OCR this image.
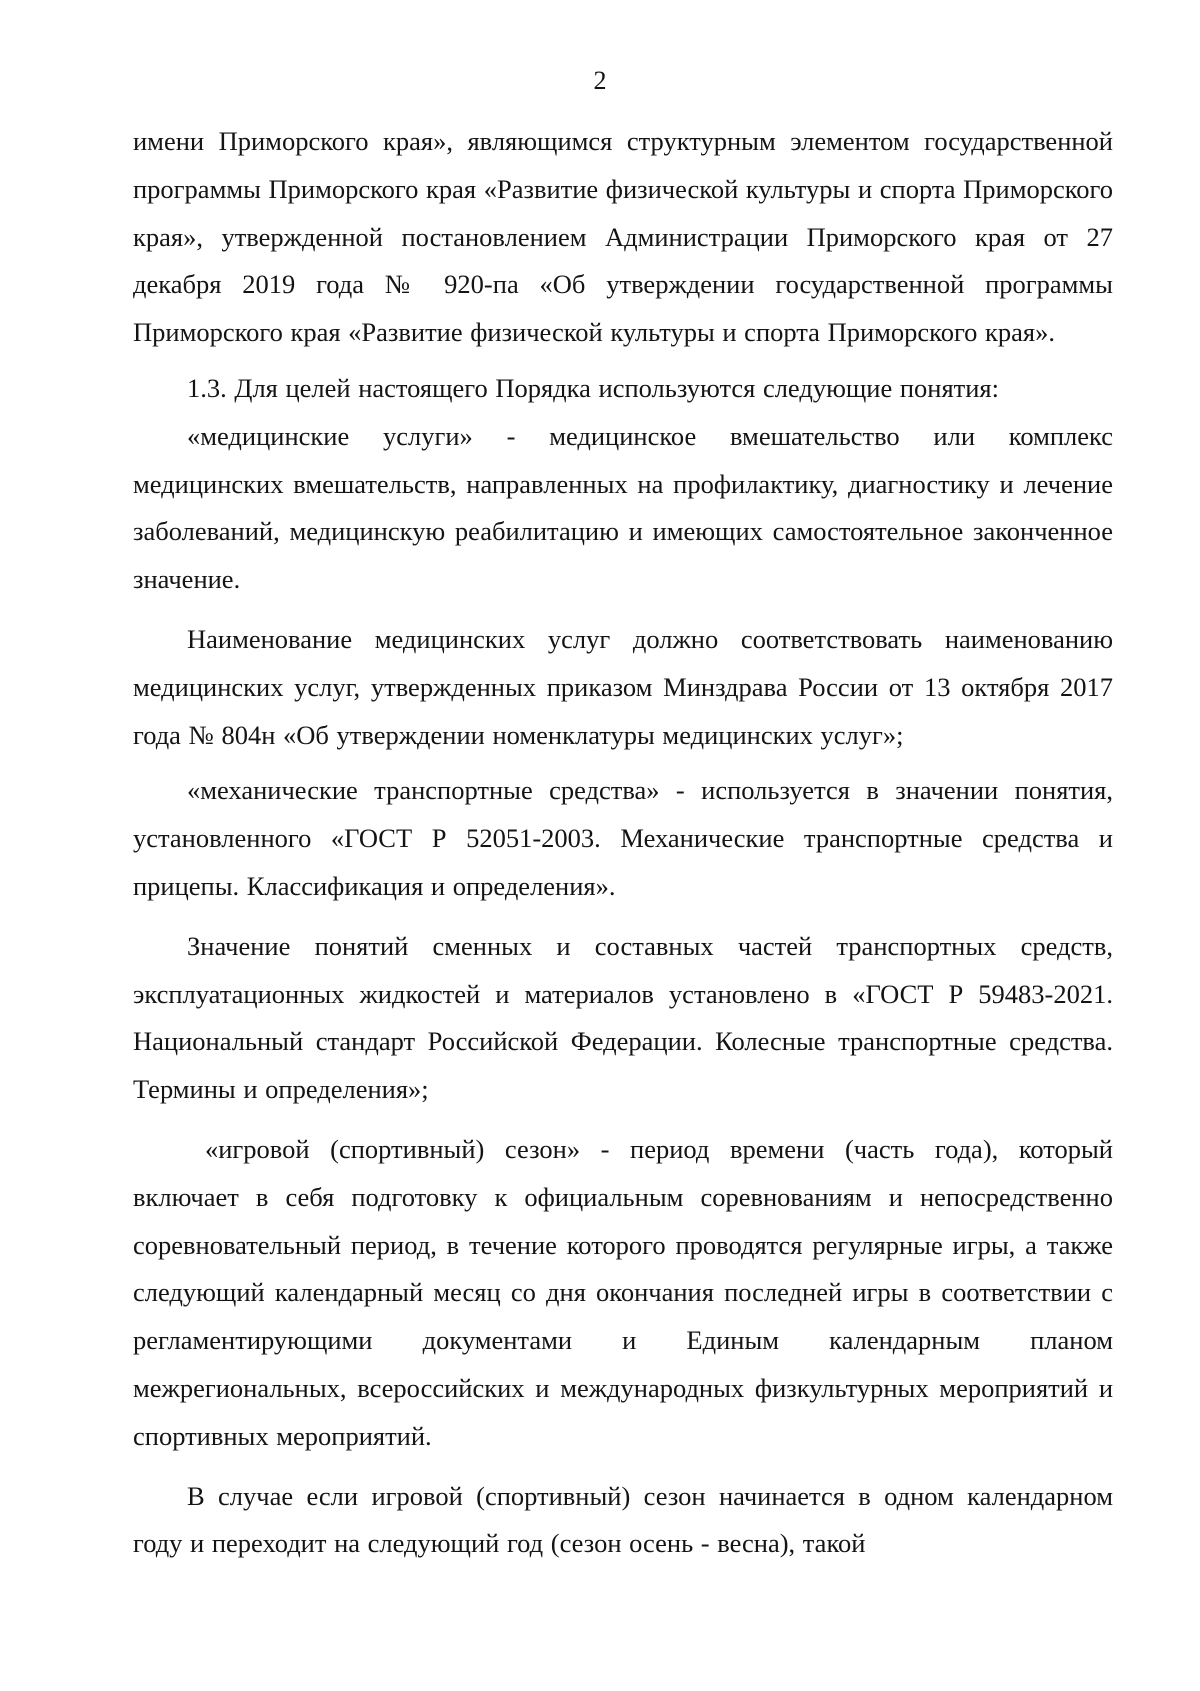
2

имени Приморского края», являющимся структурным элементом государственной программы Приморского края «Развитие физической культуры и спорта Приморского края», утвержденной постановлением Администрации Приморского края от 27 декабря 2019 года № 920-па «Об утверждении государственной программы Приморского края «Развитие физической культуры и спорта Приморского края».

1.3. Для целей настоящего Порядка используются следующие понятия:

«медицинские услуги» - медицинское вмешательство или комплекс медицинских вмешательств, направленных на профилактику, диагностику и лечение заболеваний, медицинскую реабилитацию и имеющих самостоятельное законченное значение.

Наименование медицинских услуг должно соответствовать наименованию медицинских услуг, утвержденных приказом Минздрава России от 13 октября 2017 года № 804н «Об утверждении номенклатуры медицинских услуг»;

«механические транспортные средства» - используется в значении понятия, установленного «ГОСТ Р 52051-2003. Механические транспортные средства и прицепы. Классификация и определения».

Значение понятий сменных и составных частей транспортных средств, эксплуатационных жидкостей и материалов установлено в «ГОСТ Р 59483-2021. Национальный стандарт Российской Федерации. Колесные транспортные средства. Термины и определения»;

«игровой (спортивный) сезон» - период времени (часть года), который включает в себя подготовку к официальным соревнованиям и непосредственно соревновательный период, в течение которого проводятся регулярные игры, а также следующий календарный месяц со дня окончания последней игры в соответствии с регламентирующими документами и Единым календарным планом межрегиональных, всероссийских и международных физкультурных мероприятий и спортивных мероприятий.

В случае если игровой (спортивный) сезон начинается в одном календарном году и переходит на следующий год (сезон осень - весна), такой
